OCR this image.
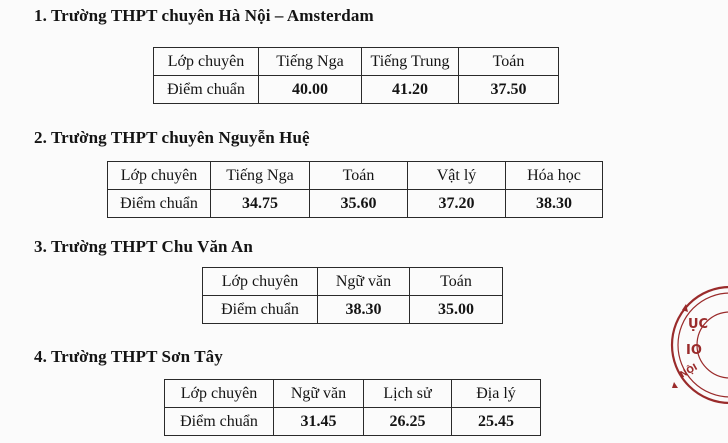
1. Trường THPT chuyên Hà Nội – Amsterdam
Lớp chuyên	Tiếng Nga	Tiếng Trung	Toán
Điểm chuẩn	40.00	41.20	37.50
2. Trường THPT chuyên Nguyễn Huệ
Lớp chuyên	Tiếng Nga	Toán	Vật lý	Hóa học
Điểm chuẩn	34.75	35.60	37.20	38.30
3. Trường THPT Chu Văn An
Lớp chuyên	Ngữ văn	Toán
Điểm chuẩn	38.30	35.00
4. Trường THPT Sơn Tây
Lớp chuyên	Ngữ văn	Lịch sử	Địa lý
Điểm chuẩn	31.45	26.25	25.45
ỤC
IO
NỘI
